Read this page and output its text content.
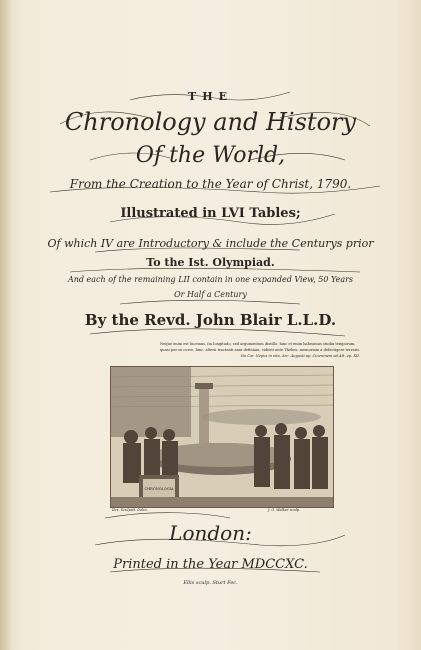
THE
Chronology and History
Of the World,
From the Creation to the Year of Christ, 1790.
Illustrated in LVI Tables;
Of which IV are Introductory & include the Centurys prior
To the Ist. Olympiad.
And each of the remaining LII contain in one expanded View, 50 Years
Or Half a Century
By the Revd. John Blair L.L.D.
Neque enim est lucemus, ita longitudo, sed argumentum distillo, hinc et enim habeamus studia temporum, quasi per se curre, hinc, alterii tractanti anni definiam, vidiisti ante Thebes, memoriam a defectigere terrarii.
Ita Cor. Nepos in vita, Arc. Augusti ap. Ciceronem ad Att. ep. XII.
CHRONOLOGIA
Ilex. Sculpsit. Delin.	J. G. Walker sculp.
London:
Printed in the Year MDCCXC.
Ellis sculp. Sturt Fec.
